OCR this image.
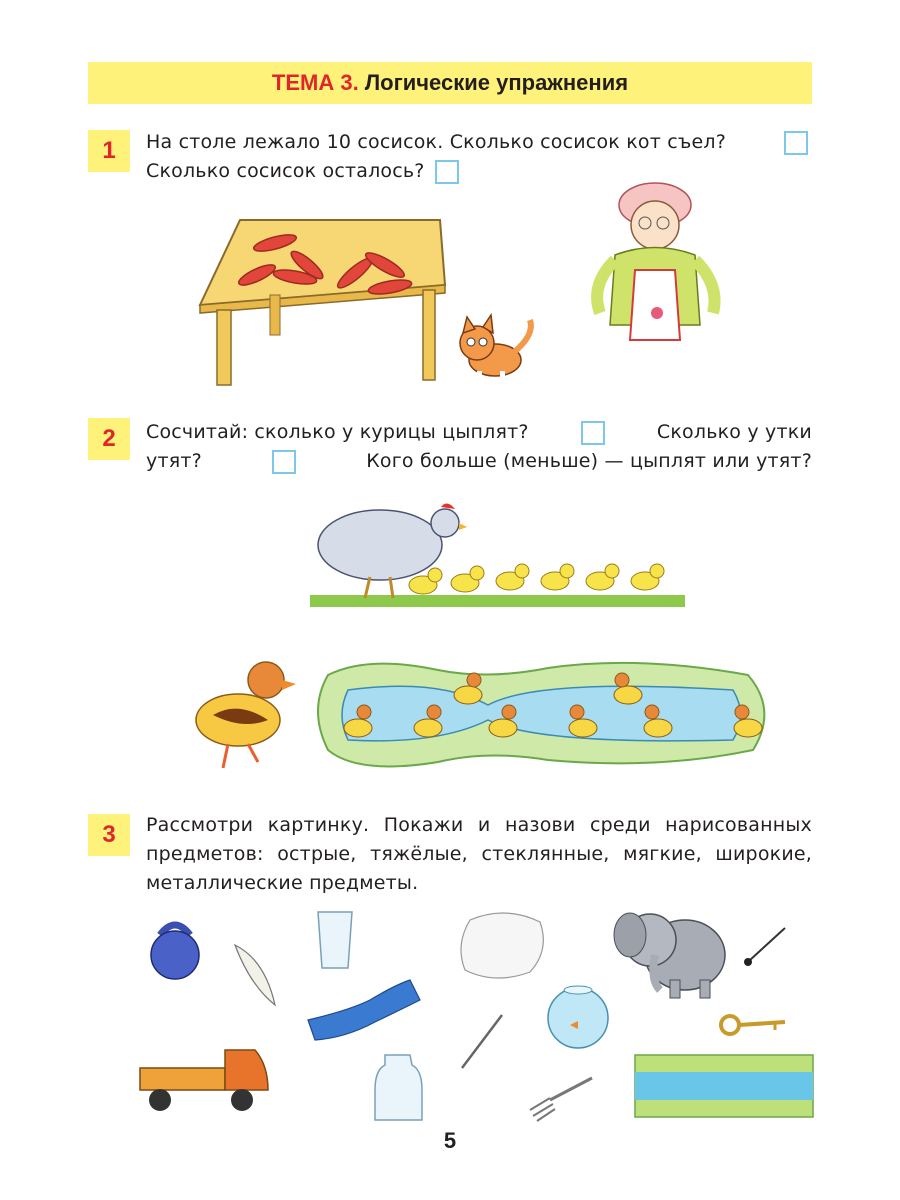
ТЕМА 3. Логические упражнения
1	На столе лежало 10 сосисок. Сколько сосисок кот съел?
Сколько сосисок осталось?
2	Сосчитай: сколько у курицы цыплят?	Сколько у утки
утят?	Кого больше (меньше) — цыплят или утят?
3	Рассмотри картинку. Покажи и назови среди нарисованных предметов: острые, тяжёлые, стеклянные, мягкие, широкие, металлические предметы.
5
